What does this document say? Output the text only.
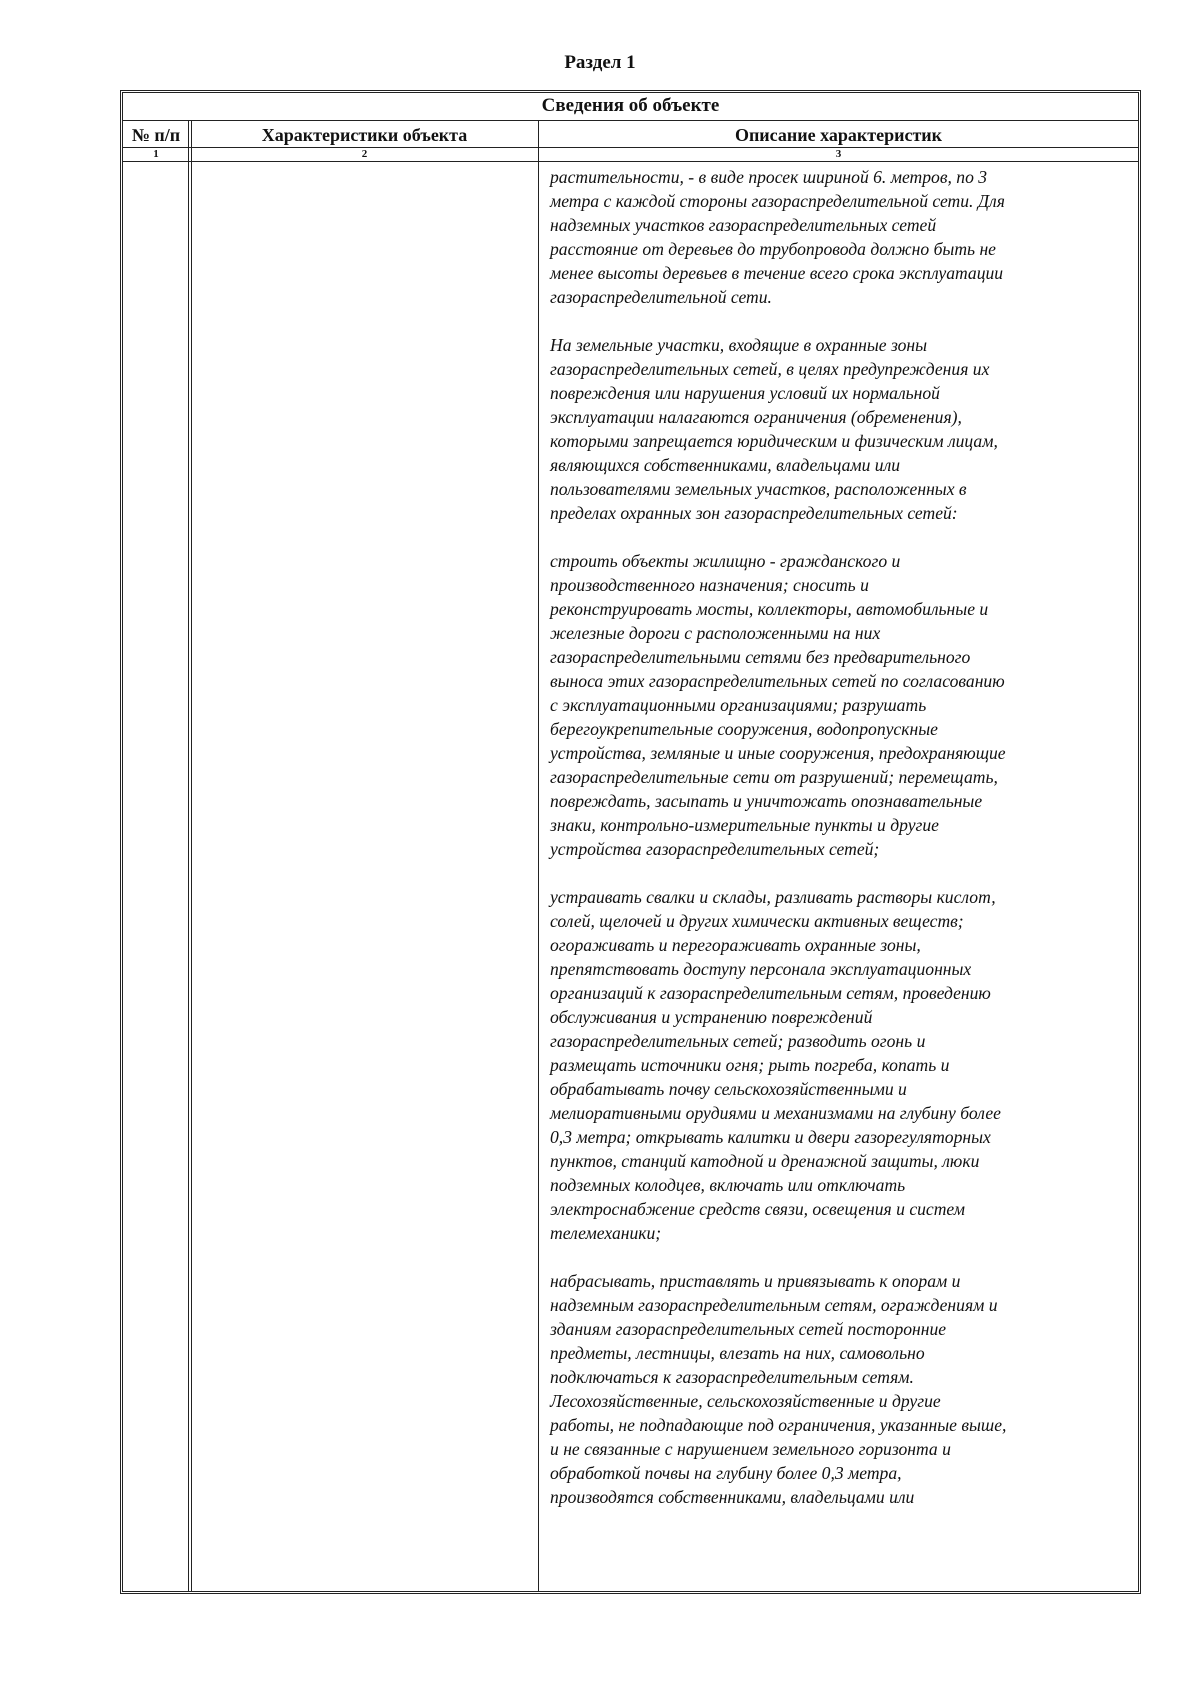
Раздел 1
Сведения об объекте
№ п/п	Характеристики объекта	Описание характеристик
1	2	3

растительности, - в виде просек шириной 6. метров, по 3
метра с каждой стороны газораспределительной сети. Для
надземных участков газораспределительных сетей
расстояние от деревьев до трубопровода должно быть не
менее высоты деревьев в течение всего срока эксплуатации
газораспределительной сети.

На земельные участки, входящие в охранные зоны
газораспределительных сетей, в целях предупреждения их
повреждения или нарушения условий их нормальной
эксплуатации налагаются ограничения (обременения),
которыми запрещается юридическим и физическим лицам,
являющихся собственниками, владельцами или
пользователями земельных участков, расположенных в
пределах охранных зон газораспределительных сетей:

строить объекты жилищно - гражданского и
производственного назначения; сносить и
реконструировать мосты, коллекторы, автомобильные и
железные дороги с расположенными на них
газораспределительными сетями без предварительного
выноса этих газораспределительных сетей по согласованию
с эксплуатационными организациями; разрушать
берегоукрепительные сооружения, водопропускные
устройства, земляные и иные сооружения, предохраняющие
газораспределительные сети от разрушений; перемещать,
повреждать, засыпать и уничтожать опознавательные
знаки, контрольно-измерительные пункты и другие
устройства газораспределительных сетей;

устраивать свалки и склады, разливать растворы кислот,
солей, щелочей и других химически активных веществ;
огораживать и перегораживать охранные зоны,
препятствовать доступу персонала эксплуатационных
организаций к газораспределительным сетям, проведению
обслуживания и устранению повреждений
газораспределительных сетей; разводить огонь и
размещать источники огня; рыть погреба, копать и
обрабатывать почву сельскохозяйственными и
мелиоративными орудиями и механизмами на глубину более
0,3 метра; открывать калитки и двери газорегуляторных
пунктов, станций катодной и дренажной защиты, люки
подземных колодцев, включать или отключать
электроснабжение средств связи, освещения и систем
телемеханики;

набрасывать, приставлять и привязывать к опорам и
надземным газораспределительным сетям, ограждениям и
зданиям газораспределительных сетей посторонние
предметы, лестницы, влезать на них, самовольно
подключаться к газораспределительным сетям.
Лесохозяйственные, сельскохозяйственные и другие
работы, не подпадающие под ограничения, указанные выше,
и не связанные с нарушением земельного горизонта и
обработкой почвы на глубину более 0,3 метра,
производятся собственниками, владельцами или
